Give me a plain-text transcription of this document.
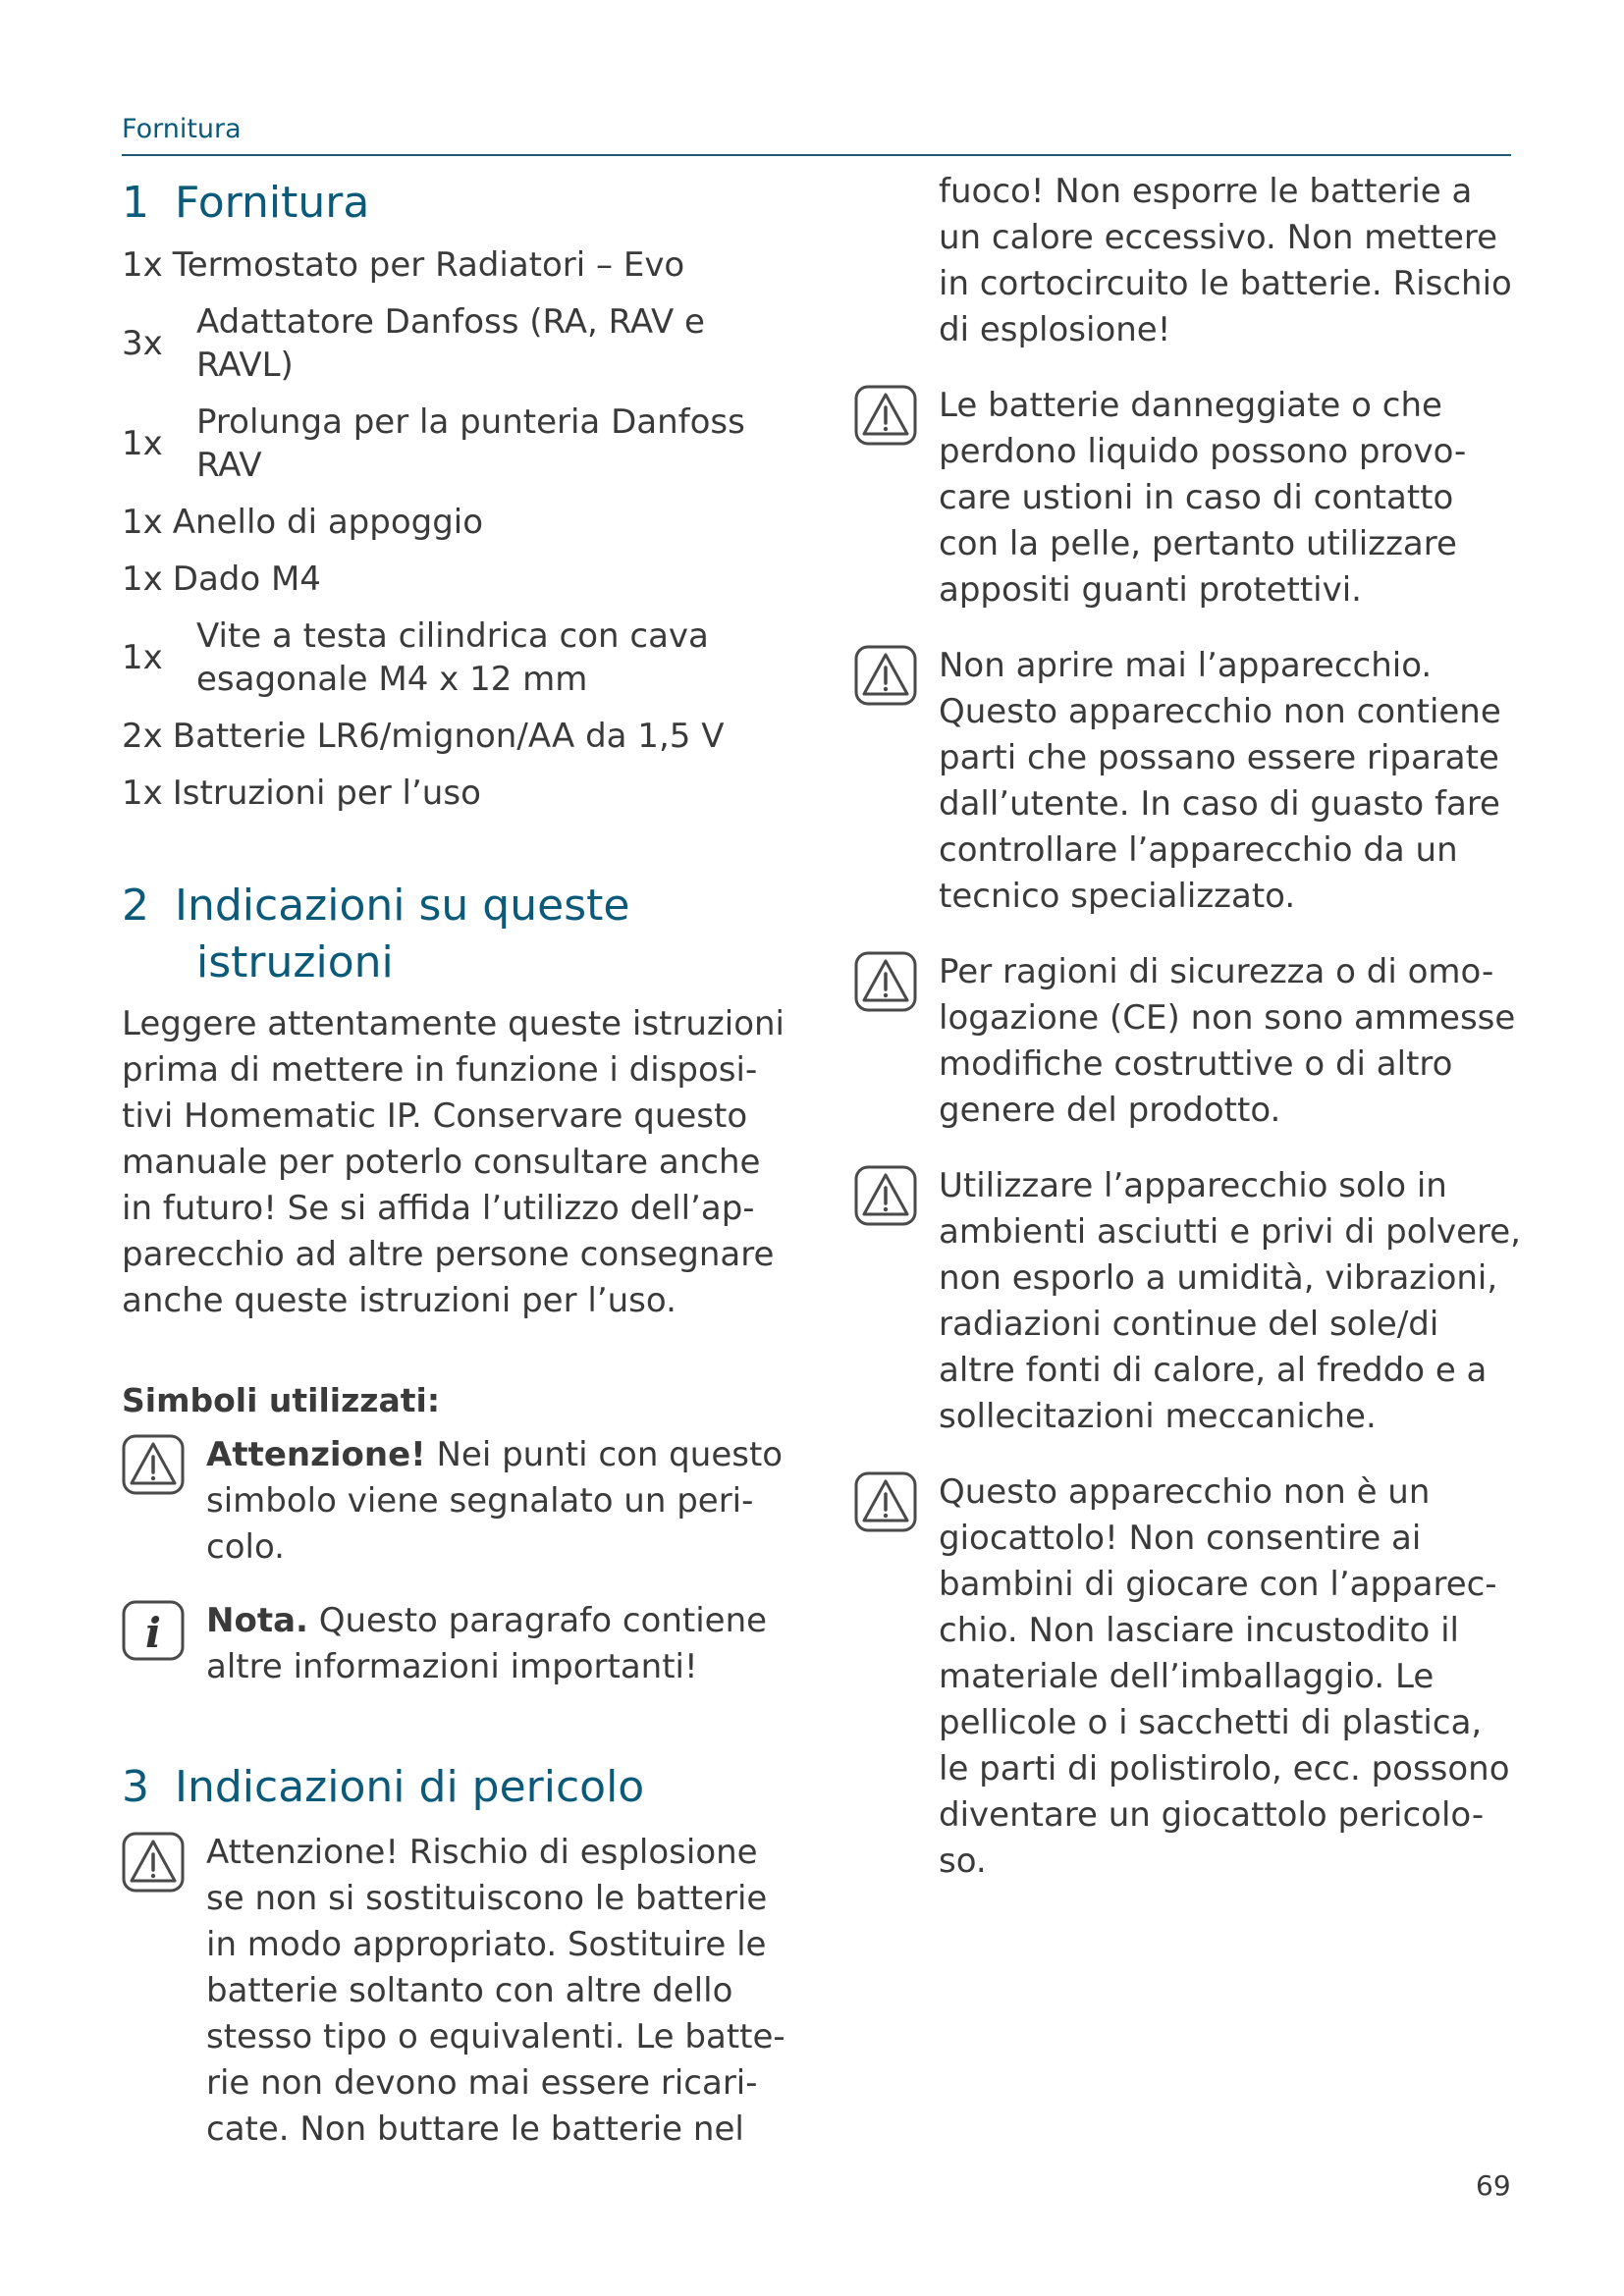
Fornitura
1 Fornitura
1x Termostato per Radiatori – Evo
3x
Adattatore Danfoss (RA, RAV e RAVL)
1x
Prolunga per la punteria Danfoss RAV
1x Anello di appoggio
1x Dado M4
1x
Vite a testa cilindrica con cava esagonale M4 x 12 mm
2x Batterie LR6/mignon/AA da 1,5 V
1x Istruzioni per l’uso
2 Indicazioni su queste
istruzioni

Leggere attentamente queste istruzioni prima di mettere in funzione i disposi-tivi Homematic IP. Conservare questo manuale per poterlo consultare anche in futuro! Se si affida l’utilizzo dell’ap-parecchio ad altre persone consegnare anche queste istruzioni per l’uso.

Simboli utilizzati:
Attenzione! Nei punti con questo simbolo viene segnalato un peri-colo.
i Nota. Questo paragrafo contiene altre informazioni importanti!
3 Indicazioni di pericolo
Attenzione! Rischio di esplosione se non si sostituiscono le batterie in modo appropriato. Sostituire le batterie soltanto con altre dello stesso tipo o equivalenti. Le batte-rie non devono mai essere ricari-cate. Non buttare le batterie nel
fuoco! Non esporre le batterie a un calore eccessivo. Non mettere in cortocircuito le batterie. Rischio di esplosione!
Le batterie danneggiate o che perdono liquido possono provo-care ustioni in caso di contatto con la pelle, pertanto utilizzare appositi guanti protettivi.
Non aprire mai l’apparecchio. Questo apparecchio non contiene parti che possano essere riparate dall’utente. In caso di guasto fare controllare l’apparecchio da un tecnico specializzato.
Per ragioni di sicurezza o di omo-logazione (CE) non sono ammesse modifiche costruttive o di altro genere del prodotto.
Utilizzare l’apparecchio solo in ambienti asciutti e privi di polvere, non esporlo a umidità, vibrazioni, radiazioni continue del sole/di altre fonti di calore, al freddo e a sollecitazioni meccaniche.
Questo apparecchio non è un giocattolo! Non consentire ai bambini di giocare con l’apparec-chio. Non lasciare incustodito il materiale dell’imballaggio. Le pellicole o i sacchetti di plastica, le parti di polistirolo, ecc. possono diventare un giocattolo pericolo-so.
69
